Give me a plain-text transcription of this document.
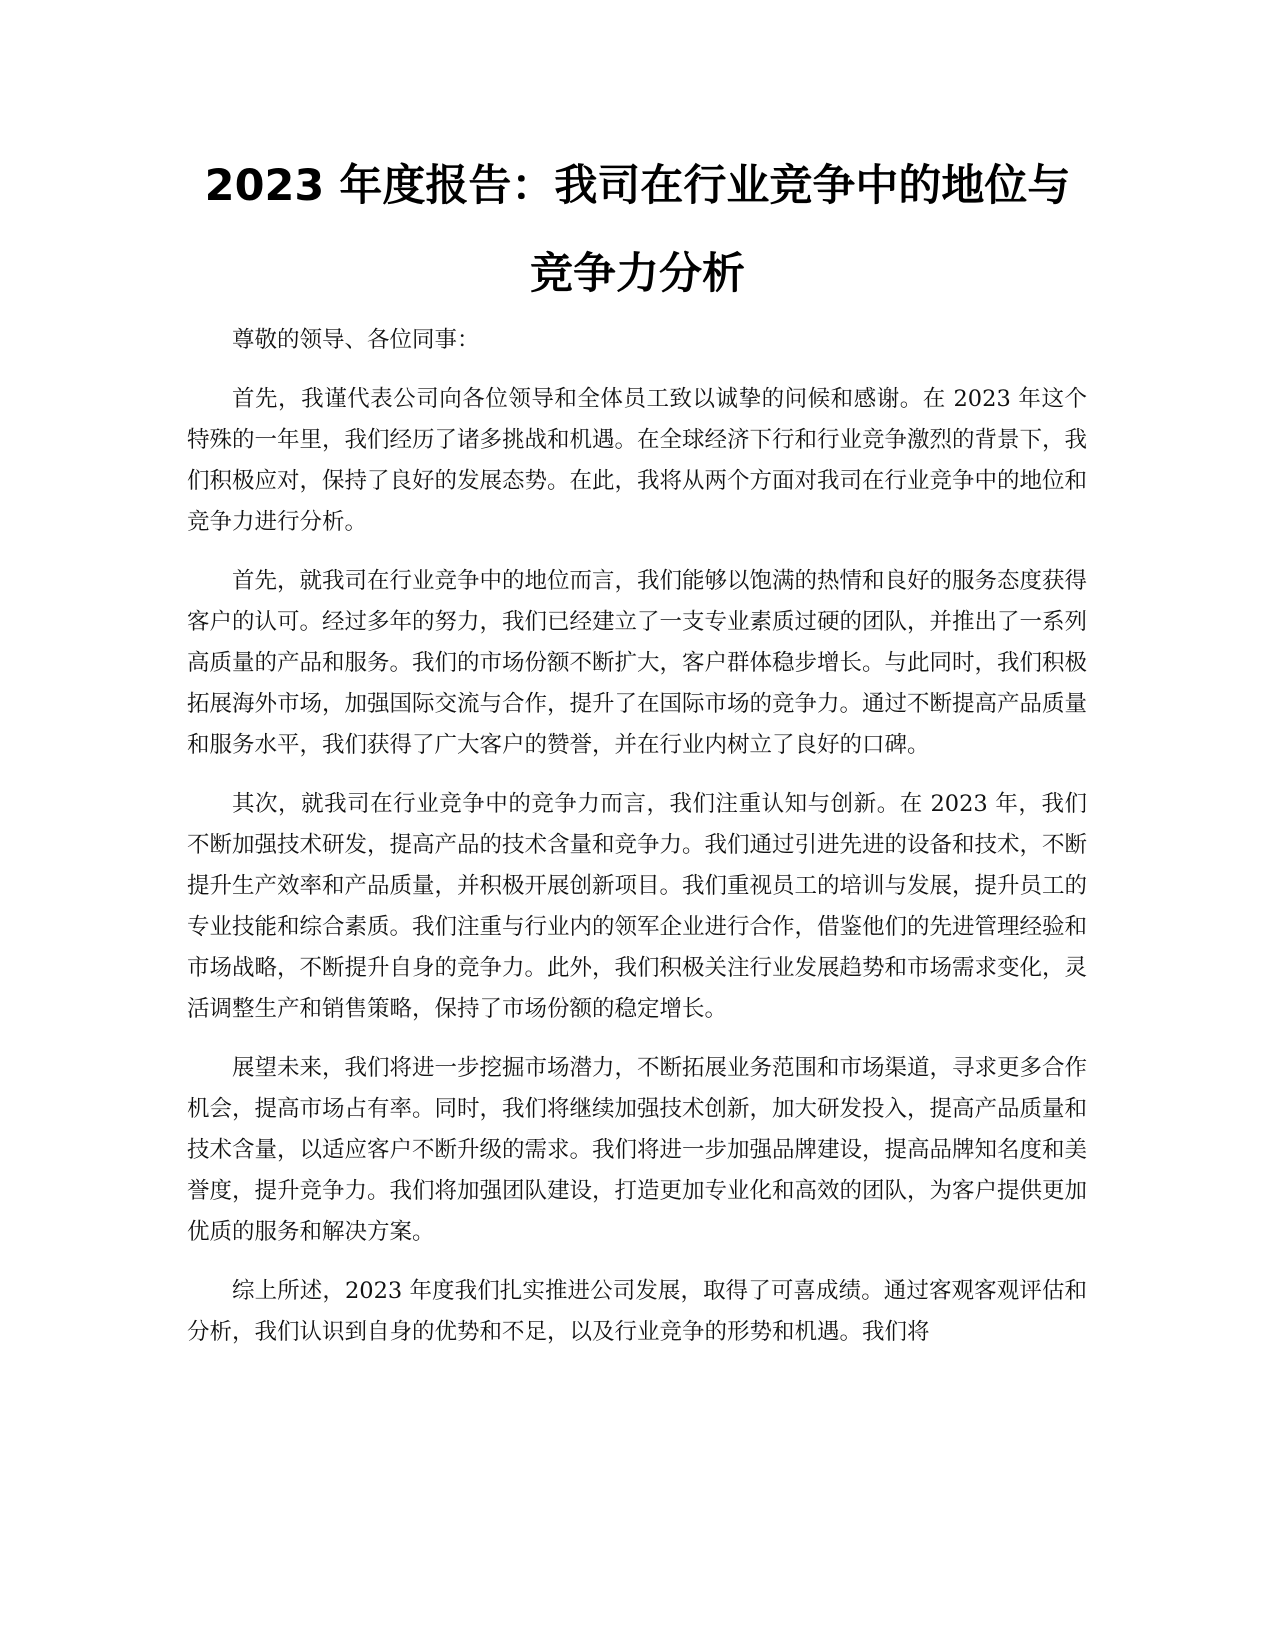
2023 年度报告：我司在行业竞争中的地位与
竞争力分析

尊敬的领导、各位同事：

首先，我谨代表公司向各位领导和全体员工致以诚挚的问候和感谢。在 2023 年这个特殊的一年里，我们经历了诸多挑战和机遇。在全球经济下行和行业竞争激烈的背景下，我们积极应对，保持了良好的发展态势。在此，我将从两个方面对我司在行业竞争中的地位和竞争力进行分析。

首先，就我司在行业竞争中的地位而言，我们能够以饱满的热情和良好的服务态度获得客户的认可。经过多年的努力，我们已经建立了一支专业素质过硬的团队，并推出了一系列高质量的产品和服务。我们的市场份额不断扩大，客户群体稳步增长。与此同时，我们积极拓展海外市场，加强国际交流与合作，提升了在国际市场的竞争力。通过不断提高产品质量和服务水平，我们获得了广大客户的赞誉，并在行业内树立了良好的口碑。

其次，就我司在行业竞争中的竞争力而言，我们注重认知与创新。在 2023 年，我们不断加强技术研发，提高产品的技术含量和竞争力。我们通过引进先进的设备和技术，不断提升生产效率和产品质量，并积极开展创新项目。我们重视员工的培训与发展，提升员工的专业技能和综合素质。我们注重与行业内的领军企业进行合作，借鉴他们的先进管理经验和市场战略，不断提升自身的竞争力。此外，我们积极关注行业发展趋势和市场需求变化，灵活调整生产和销售策略，保持了市场份额的稳定增长。

展望未来，我们将进一步挖掘市场潜力，不断拓展业务范围和市场渠道，寻求更多合作机会，提高市场占有率。同时，我们将继续加强技术创新，加大研发投入，提高产品质量和技术含量，以适应客户不断升级的需求。我们将进一步加强品牌建设，提高品牌知名度和美誉度，提升竞争力。我们将加强团队建设，打造更加专业化和高效的团队，为客户提供更加优质的服务和解决方案。

综上所述，2023 年度我们扎实推进公司发展，取得了可喜成绩。通过客观客观评估和分析，我们认识到自身的优势和不足，以及行业竞争的形势和机遇。我们将
